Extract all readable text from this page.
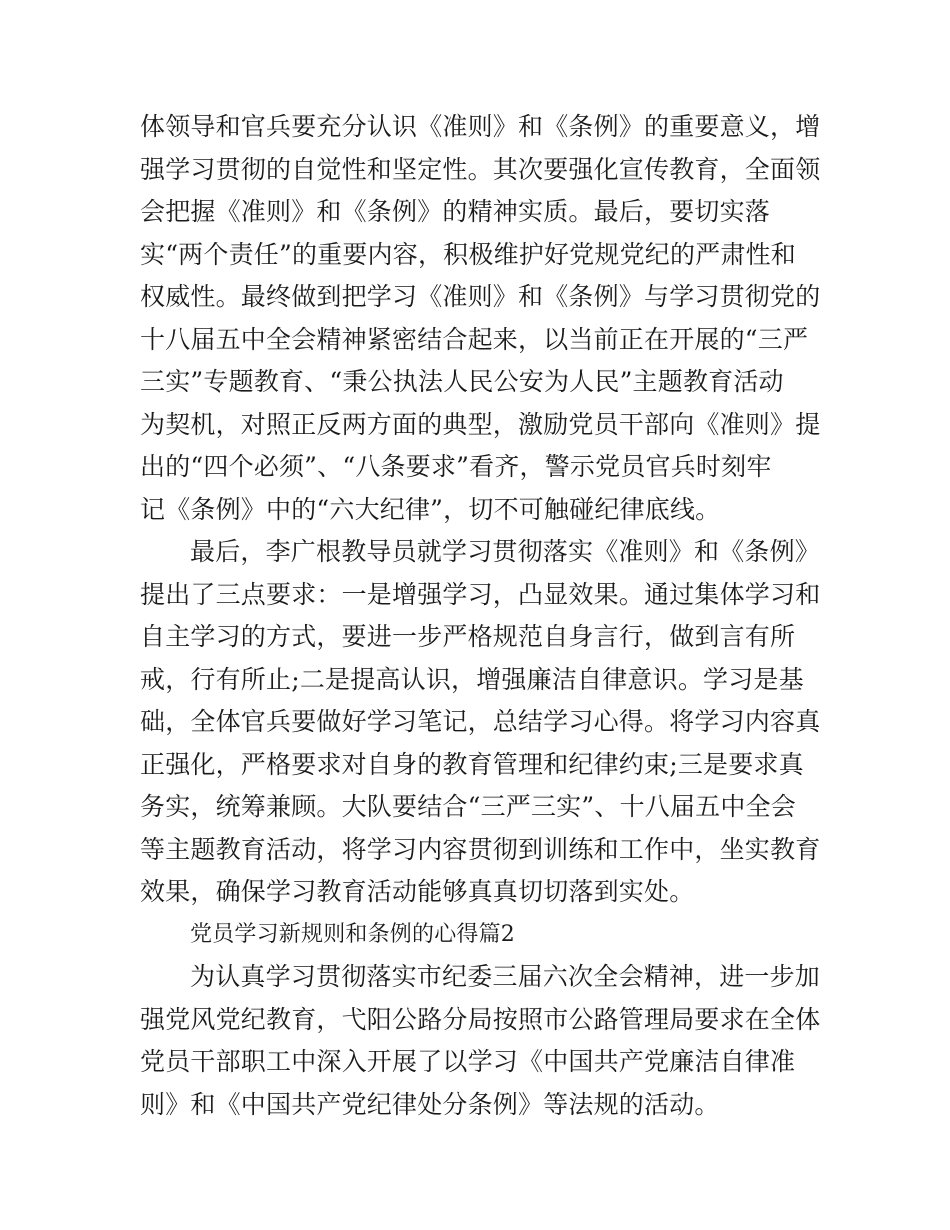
体领导和官兵要充分认识《准则》和《条例》的重要意义，增
强学习贯彻的自觉性和坚定性。其次要强化宣传教育，全面领
会把握《准则》和《条例》的精神实质。最后，要切实落
实“两个责任”的重要内容，积极维护好党规党纪的严肃性和
权威性。最终做到把学习《准则》和《条例》与学习贯彻党的
十八届五中全会精神紧密结合起来，以当前正在开展的“三严
三实”专题教育、“秉公执法人民公安为人民”主题教育活动
为契机，对照正反两方面的典型，激励党员干部向《准则》提
出的“四个必须”、“八条要求”看齐，警示党员官兵时刻牢
记《条例》中的“六大纪律”，切不可触碰纪律底线。
最后，李广根教导员就学习贯彻落实《准则》和《条例》
提出了三点要求：一是增强学习，凸显效果。通过集体学习和
自主学习的方式，要进一步严格规范自身言行，做到言有所
戒，行有所止;二是提高认识，增强廉洁自律意识。学习是基
础，全体官兵要做好学习笔记，总结学习心得。将学习内容真
正强化，严格要求对自身的教育管理和纪律约束;三是要求真
务实，统筹兼顾。大队要结合“三严三实”、十八届五中全会
等主题教育活动，将学习内容贯彻到训练和工作中，坐实教育
效果，确保学习教育活动能够真真切切落到实处。
党员学习新规则和条例的心得篇2
为认真学习贯彻落实市纪委三届六次全会精神，进一步加
强党风党纪教育，弋阳公路分局按照市公路管理局要求在全体
党员干部职工中深入开展了以学习《中国共产党廉洁自律准
则》和《中国共产党纪律处分条例》等法规的活动。
